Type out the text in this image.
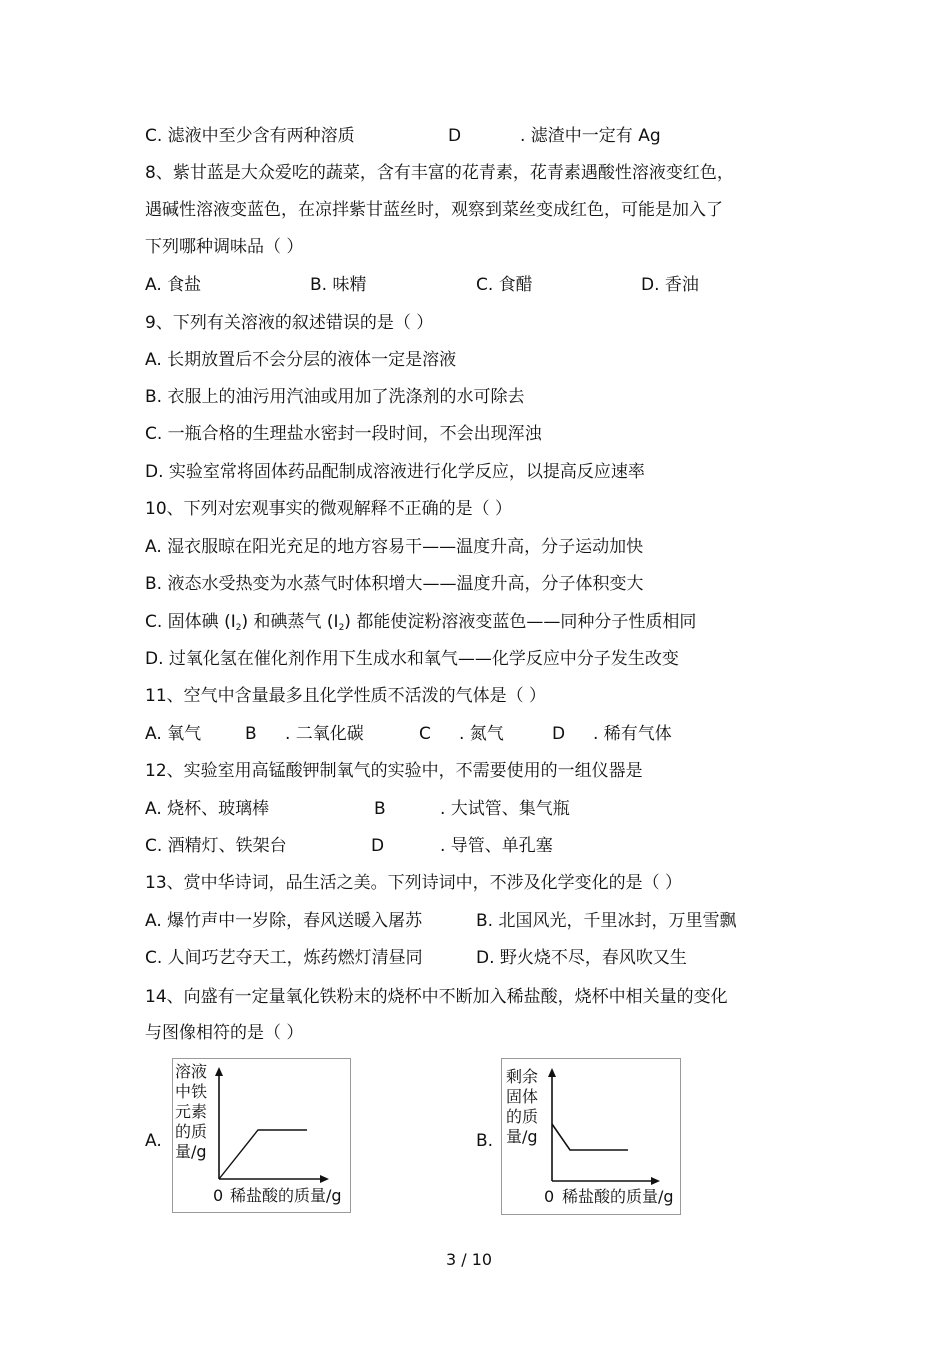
C. 滤液中至少含有两种溶质	D	. 滤渣中一定有 Ag
8、紫甘蓝是大众爱吃的蔬菜，含有丰富的花青素，花青素遇酸性溶液变红色，
遇碱性溶液变蓝色，在凉拌紫甘蓝丝时，观察到菜丝变成红色，可能是加入了
下列哪种调味品（ ）
A. 食盐	B. 味精	C. 食醋	D. 香油
9、下列有关溶液的叙述错误的是（ ）
A. 长期放置后不会分层的液体一定是溶液
B. 衣服上的油污用汽油或用加了洗涤剂的水可除去
C. 一瓶合格的生理盐水密封一段时间，不会出现浑浊
D. 实验室常将固体药品配制成溶液进行化学反应，以提高反应速率
10、下列对宏观事实的微观解释不正确的是（ ）
A. 湿衣服晾在阳光充足的地方容易干——温度升高，分子运动加快
B. 液态水受热变为水蒸气时体积增大——温度升高，分子体积变大
C. 固体碘 $(I_2)$ 和碘蒸气 $(I_2)$ 都能使淀粉溶液变蓝色——同种分子性质相同
D. 过氧化氢在催化剂作用下生成水和氧气——化学反应中分子发生改变
11、空气中含量最多且化学性质不活泼的气体是（ ）
A. 氧气	B . 二氧化碳	C . 氮气	D . 稀有气体
12、实验室用高锰酸钾制氧气的实验中，不需要使用的一组仪器是
A. 烧杯、玻璃棒	B	. 大试管、集气瓶
C. 酒精灯、铁架台	D	. 导管、单孔塞
13、赏中华诗词，品生活之美。下列诗词中，不涉及化学变化的是（ ）
A. 爆竹声中一岁除，春风送暖入屠苏	B. 北国风光，千里冰封，万里雪飘
C. 人间巧艺夺天工，炼药燃灯清昼同	D. 野火烧不尽，春风吹又生
14、向盛有一定量氧化铁粉末的烧杯中不断加入稀盐酸，烧杯中相关量的变化
与图像相符的是（ ）
A.
溶液中铁元素的质量/g
0 稀盐酸的质量/g
B.
剩余固体的质量/g
0 稀盐酸的质量/g
3 / 10
